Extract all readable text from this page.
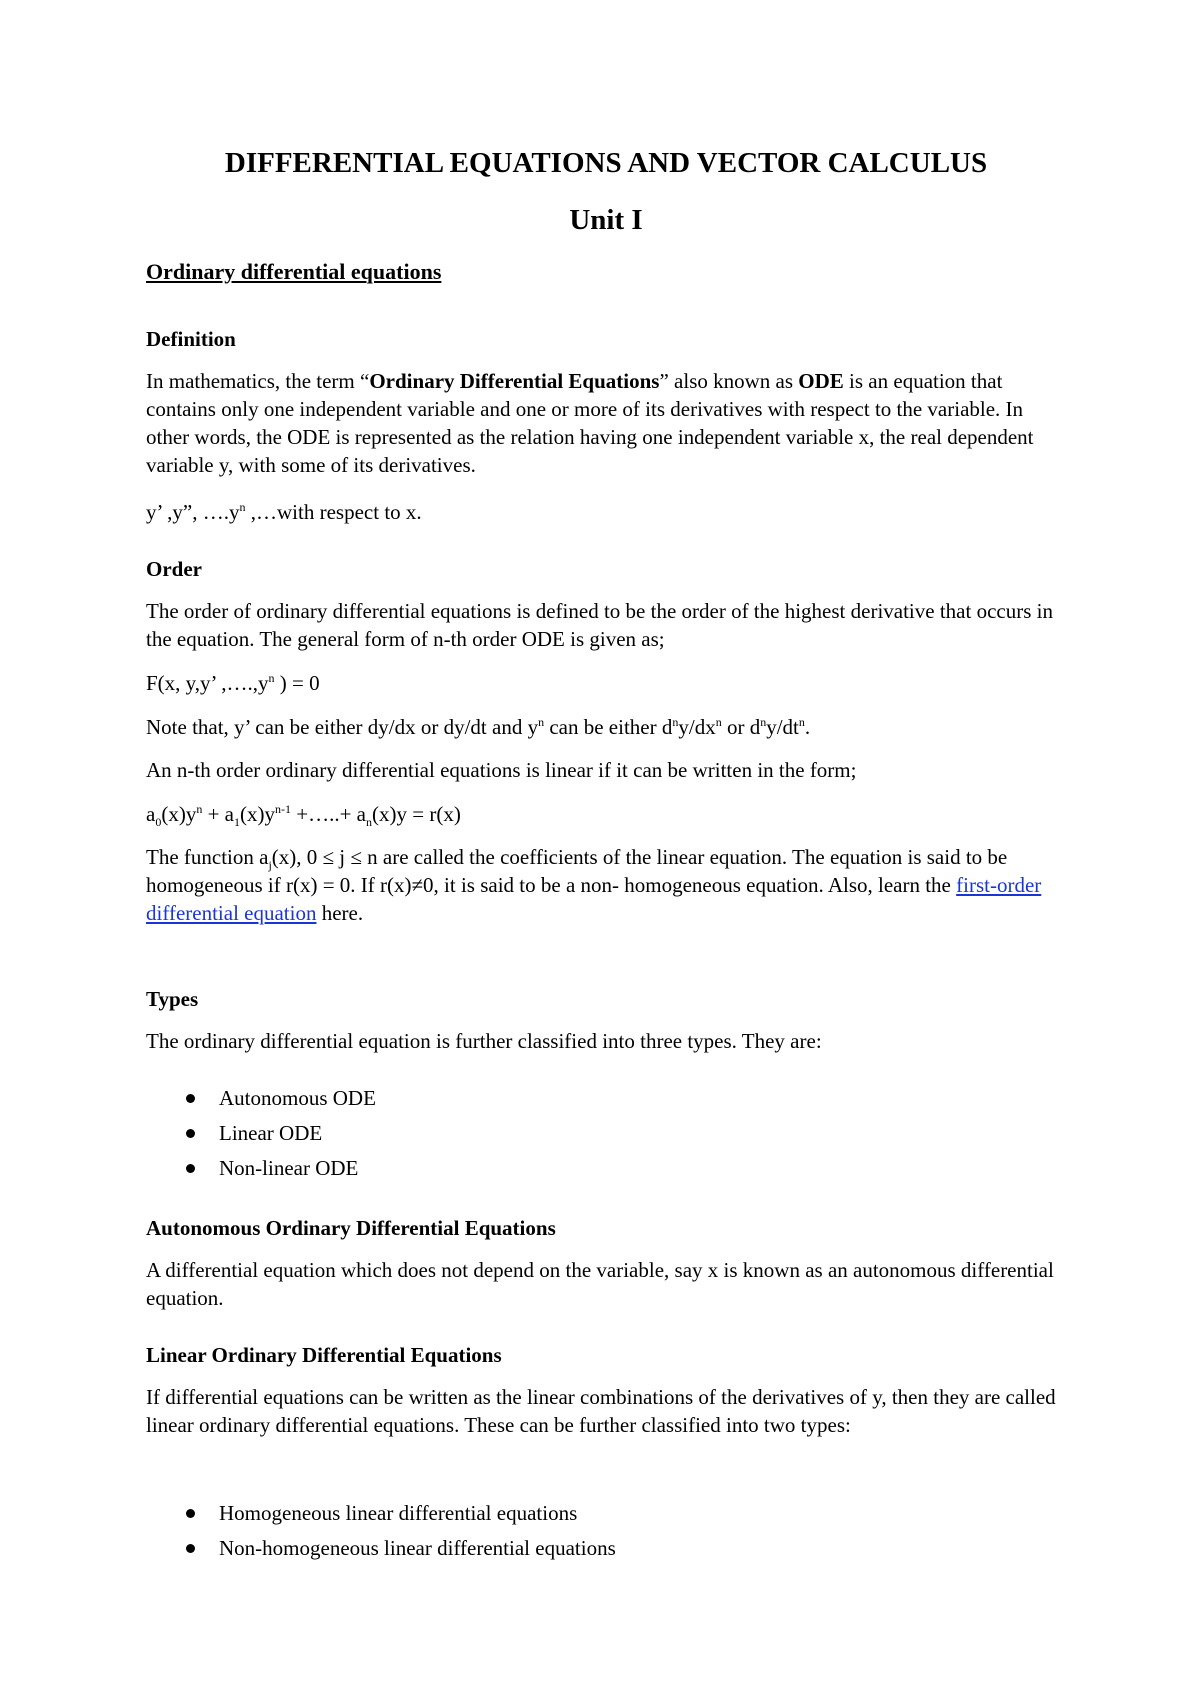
DIFFERENTIAL EQUATIONS AND VECTOR CALCULUS
Unit I
Ordinary differential equations
Definition

In mathematics, the term “Ordinary Differential Equations” also known as ODE is an equation that contains only one independent variable and one or more of its derivatives with respect to the variable. In other words, the ODE is represented as the relation having one independent variable x, the real dependent variable y, with some of its derivatives.

y’ ,y”, $\dots.y^n$ ,…with respect to x.

Order

The order of ordinary differential equations is defined to be the order of the highest derivative that occurs in the equation. The general form of n-th order ODE is given as;

F(x, y,y’ $,\dots.,y^n$ ) = 0

Note that, y’ can be either dy/dx or dy/dt and $y^n$ can be either $d^ny/dx^n$ or $d^ny/dt^n$.

An n-th order ordinary differential equations is linear if it can be written in the form;

$a_0(x)y^n + a_1(x)y^{n-1}$ +…..+ $a_n(x)y = r(x)$

The function $a_j(x)$, 0 ≤ j ≤ n are called the coefficients of the linear equation. The equation is said to be homogeneous if r(x) = 0. If r(x)≠0, it is said to be a non- homogeneous equation. Also, learn the first-order differential equation here.

Types

The ordinary differential equation is further classified into three types. They are:

Autonomous ODE
Linear ODE
Non-linear ODE
Autonomous Ordinary Differential Equations

A differential equation which does not depend on the variable, say x is known as an autonomous differential equation.

Linear Ordinary Differential Equations

If differential equations can be written as the linear combinations of the derivatives of y, then they are called linear ordinary differential equations. These can be further classified into two types:

Homogeneous linear differential equations
Non-homogeneous linear differential equations
